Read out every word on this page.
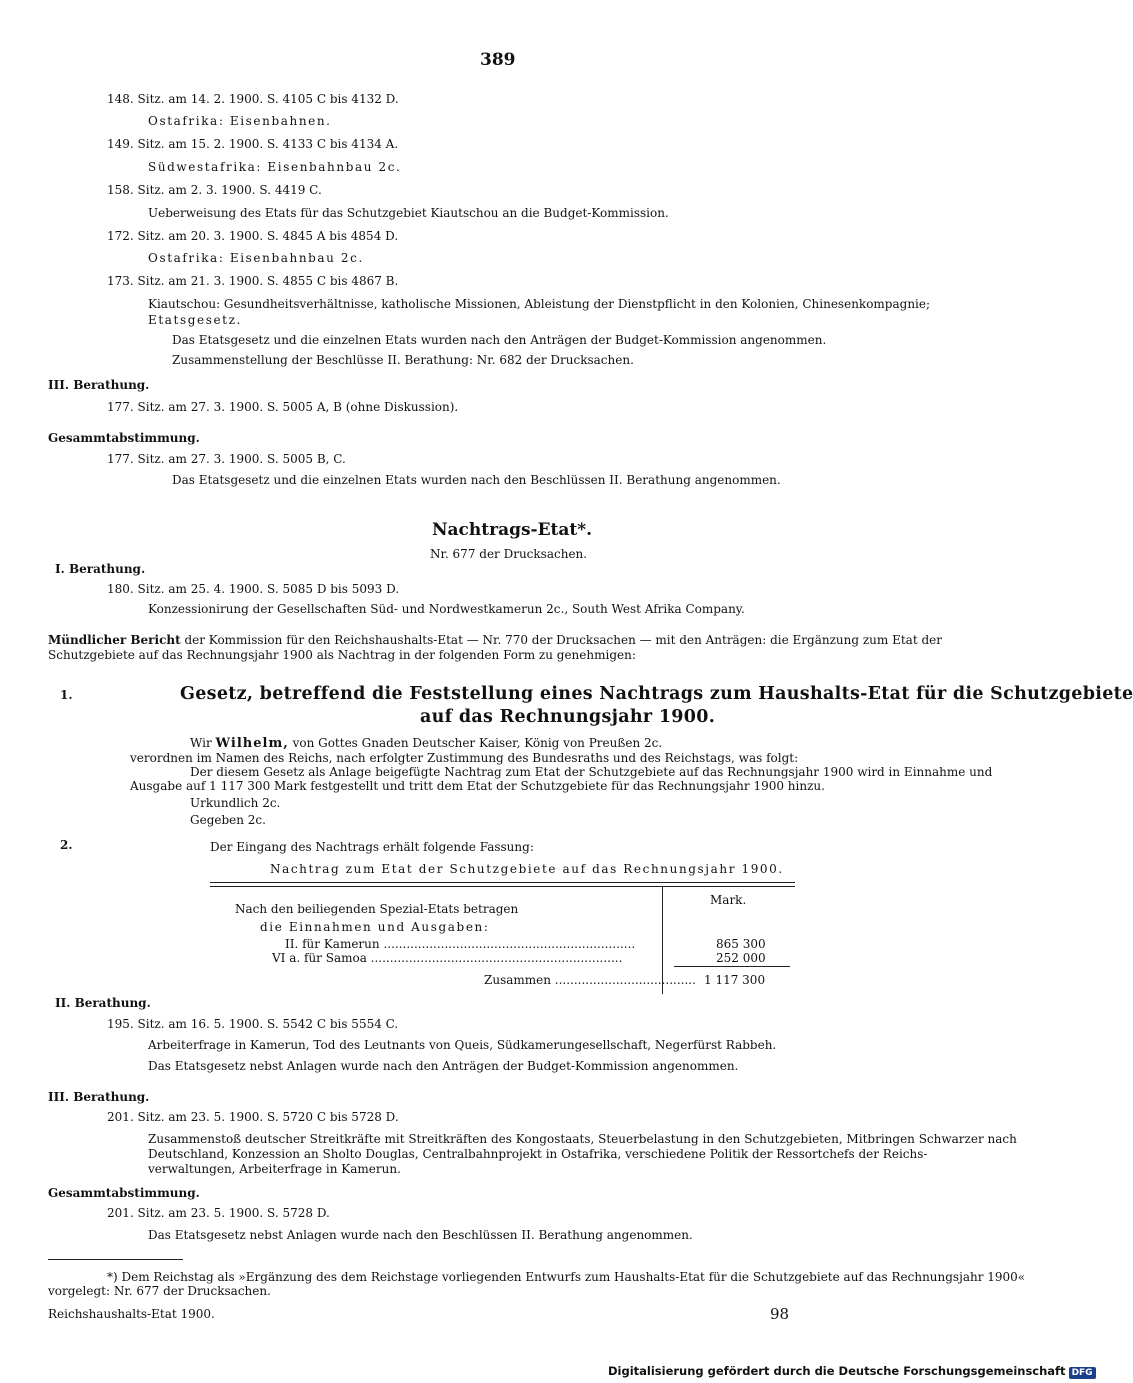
389
148. Sitz. am 14. 2. 1900. S. 4105 C bis 4132 D.
Ostafrika: Eisenbahnen.
149. Sitz. am 15. 2. 1900. S. 4133 C bis 4134 A.
Südwestafrika: Eisenbahnbau 2c.
158. Sitz. am 2. 3. 1900. S. 4419 C.
Ueberweisung des Etats für das Schutzgebiet Kiautschou an die Budget-Kommission.
172. Sitz. am 20. 3. 1900. S. 4845 A bis 4854 D.
Ostafrika: Eisenbahnbau 2c.
173. Sitz. am 21. 3. 1900. S. 4855 C bis 4867 B.
Kiautschou: Gesundheitsverhältnisse, katholische Missionen, Ableistung der Dienstpflicht in den Kolonien, Chinesenkompagnie;
Etatsgesetz.
Das Etatsgesetz und die einzelnen Etats wurden nach den Anträgen der Budget-Kommission angenommen.
Zusammenstellung der Beschlüsse II. Berathung: Nr. 682 der Drucksachen.
III. Berathung.
177. Sitz. am 27. 3. 1900. S. 5005 A, B (ohne Diskussion).
Gesammtabstimmung.
177. Sitz. am 27. 3. 1900. S. 5005 B, C.
Das Etatsgesetz und die einzelnen Etats wurden nach den Beschlüssen II. Berathung angenommen.
Nachtrags-Etat*.
Nr. 677 der Drucksachen.
I. Berathung.
180. Sitz. am 25. 4. 1900. S. 5085 D bis 5093 D.
Konzessionirung der Gesellschaften Süd- und Nordwestkamerun 2c., South West Afrika Company.
Mündlicher Bericht der Kommission für den Reichshaushalts-Etat — Nr. 770 der Drucksachen — mit den Anträgen: die Ergänzung zum Etat der
Schutzgebiete auf das Rechnungsjahr 1900 als Nachtrag in der folgenden Form zu genehmigen:
1.	Gesetz, betreffend die Feststellung eines Nachtrags zum Haushalts-Etat für die Schutzgebiete
auf das Rechnungsjahr 1900.
Wir Wilhelm, von Gottes Gnaden Deutscher Kaiser, König von Preußen 2c.
verordnen im Namen des Reichs, nach erfolgter Zustimmung des Bundesraths und des Reichstags, was folgt:
Der diesem Gesetz als Anlage beigefügte Nachtrag zum Etat der Schutzgebiete auf das Rechnungsjahr 1900 wird in Einnahme und
Ausgabe auf 1 117 300 Mark festgestellt und tritt dem Etat der Schutzgebiete für das Rechnungsjahr 1900 hinzu.
Urkundlich 2c.
Gegeben 2c.
2.	Der Eingang des Nachtrags erhält folgende Fassung:
Nachtrag zum Etat der Schutzgebiete auf das Rechnungsjahr 1900.
Mark.
Nach den beiliegenden Spezial-Etats betragen
die Einnahmen und Ausgaben:
II. für Kamerun ..................................................................	865 300
VI a. für Samoa ..................................................................	252 000
Zusammen ..................................... 1 117 300
II. Berathung.
195. Sitz. am 16. 5. 1900. S. 5542 C bis 5554 C.
Arbeiterfrage in Kamerun, Tod des Leutnants von Queis, Südkamerungesellschaft, Negerfürst Rabbeh.
Das Etatsgesetz nebst Anlagen wurde nach den Anträgen der Budget-Kommission angenommen.
III. Berathung.
201. Sitz. am 23. 5. 1900. S. 5720 C bis 5728 D.
Zusammenstoß deutscher Streitkräfte mit Streitkräften des Kongostaats, Steuerbelastung in den Schutzgebieten, Mitbringen Schwarzer nach
Deutschland, Konzession an Sholto Douglas, Centralbahnprojekt in Ostafrika, verschiedene Politik der Ressortchefs der Reichs-
verwaltungen, Arbeiterfrage in Kamerun.
Gesammtabstimmung.
201. Sitz. am 23. 5. 1900. S. 5728 D.
Das Etatsgesetz nebst Anlagen wurde nach den Beschlüssen II. Berathung angenommen.
*) Dem Reichstag als »Ergänzung des dem Reichstage vorliegenden Entwurfs zum Haushalts-Etat für die Schutzgebiete auf das Rechnungsjahr 1900«
vorgelegt: Nr. 677 der Drucksachen.
Reichshaushalts-Etat 1900.	98
Digitalisierung gefördert durch die Deutsche Forschungsgemeinschaft DFG
